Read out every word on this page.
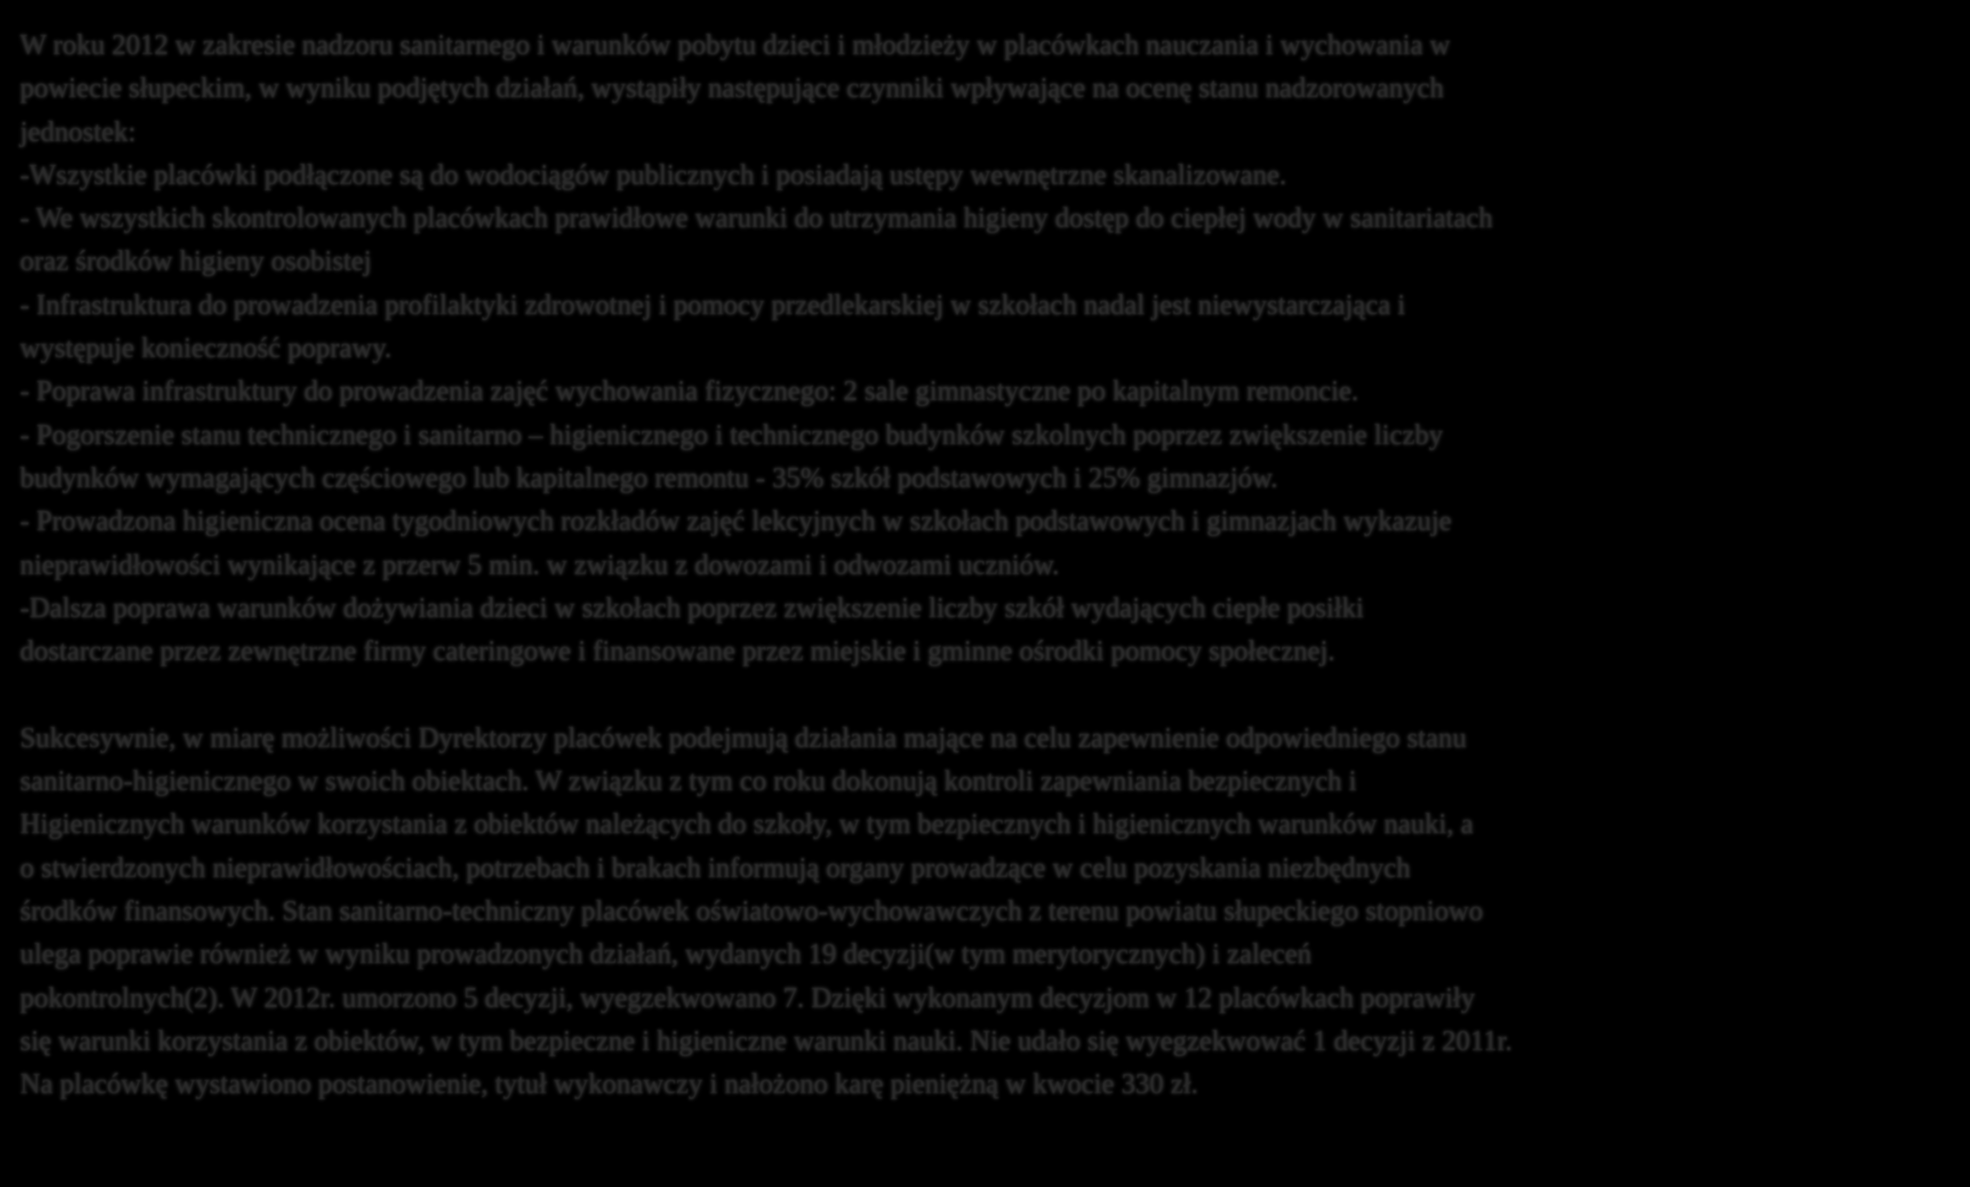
W roku 2012 w zakresie nadzoru sanitarnego i warunków pobytu dzieci i młodzieży w placówkach nauczania i wychowania w
powiecie słupeckim, w wyniku podjętych działań, wystąpiły następujące czynniki wpływające na ocenę stanu nadzorowanych
jednostek:
-Wszystkie placówki podłączone są do wodociągów publicznych i posiadają ustępy wewnętrzne skanalizowane.
- We wszystkich skontrolowanych placówkach prawidłowe warunki do utrzymania higieny dostęp do ciepłej wody w sanitariatach
oraz środków higieny osobistej
- Infrastruktura do prowadzenia profilaktyki zdrowotnej i pomocy przedlekarskiej w szkołach nadal jest niewystarczająca i
występuje konieczność poprawy.
- Poprawa infrastruktury do prowadzenia zajęć wychowania fizycznego: 2 sale gimnastyczne po kapitalnym remoncie.
- Pogorszenie stanu technicznego i sanitarno – higienicznego i technicznego budynków szkolnych poprzez zwiększenie liczby
budynków wymagających częściowego lub kapitalnego remontu - 35% szkół podstawowych i 25% gimnazjów.
- Prowadzona higieniczna ocena tygodniowych rozkładów zajęć lekcyjnych w szkołach podstawowych i gimnazjach wykazuje
nieprawidłowości wynikające z przerw 5 min. w związku z dowozami i odwozami uczniów.
-Dalsza poprawa warunków dożywiania dzieci w szkołach poprzez zwiększenie liczby szkół wydających ciepłe posiłki
dostarczane przez zewnętrzne firmy cateringowe i finansowane przez miejskie i gminne ośrodki pomocy społecznej.
Sukcesywnie, w miarę możliwości Dyrektorzy placówek podejmują działania mające na celu zapewnienie odpowiedniego stanu
sanitarno-higienicznego w swoich obiektach. W związku z tym co roku dokonują kontroli zapewniania bezpiecznych i
Higienicznych warunków korzystania z obiektów należących do szkoły, w tym bezpiecznych i higienicznych warunków nauki, a
o stwierdzonych nieprawidłowościach, potrzebach i brakach informują organy prowadzące w celu pozyskania niezbędnych
środków finansowych. Stan sanitarno-techniczny placówek oświatowo-wychowawczych z terenu powiatu słupeckiego stopniowo
ulega poprawie również w wyniku prowadzonych działań, wydanych 19 decyzji(w tym merytorycznych) i zaleceń
pokontrolnych(2). W 2012r. umorzono 5 decyzji, wyegzekwowano 7. Dzięki wykonanym decyzjom w 12 placówkach poprawiły
się warunki korzystania z obiektów, w tym bezpieczne i higieniczne warunki nauki. Nie udało się wyegzekwować 1 decyzji z 2011r.
Na placówkę wystawiono postanowienie, tytuł wykonawczy i nałożono karę pieniężną w kwocie 330 zł.
